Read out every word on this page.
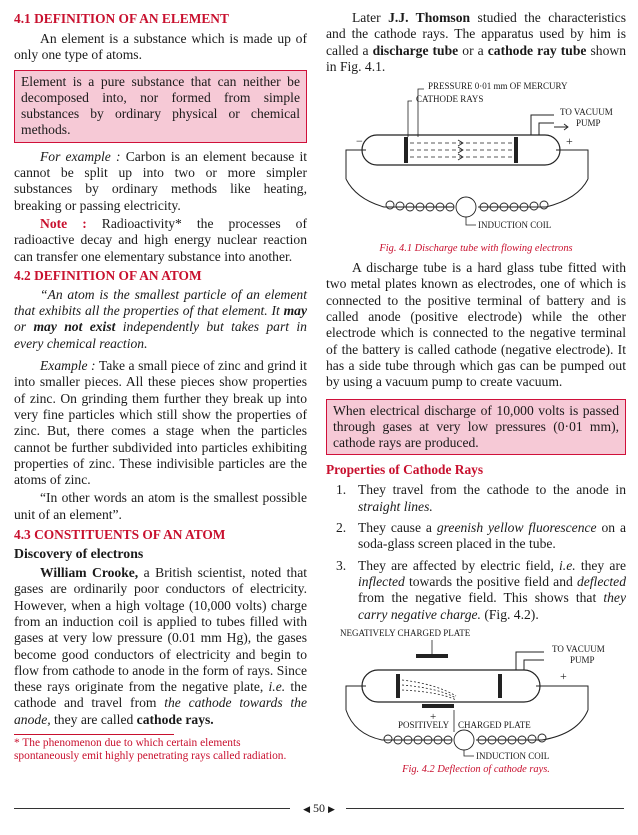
4.1 DEFINITION OF AN ELEMENT

An element is a substance which is made up of only one type of atoms.

Element is a pure substance that can neither be decomposed into, nor formed from simple substances by ordinary physical or chemical methods.

For example : Carbon is an element because it cannot be split up into two or more simpler substances by ordinary methods like heating, breaking or passing electricity.

Note : Radioactivity* the processes of radioactive decay and high energy nuclear reaction can transfer one elementary substance into another.

4.2 DEFINITION OF AN ATOM

“An atom is the smallest particle of an element that exhibits all the properties of that element. It may or may not exist independently but takes part in every chemical reaction.

Example : Take a small piece of zinc and grind it into smaller pieces. All these pieces show properties of zinc. On grinding them further they break up into very fine particles which still show the properties of zinc. But, there comes a stage when the particles cannot be further subdivided into particles exhibiting properties of zinc. These indivisible particles are the atoms of zinc.

“In other words an atom is the smallest possible unit of an element”.

4.3 CONSTITUENTS OF AN ATOM
Discovery of electrons

William Crooke, a British scientist, noted that gases are ordinarily poor conductors of electricity. However, when a high voltage (10,000 volts) charge from an induction coil is applied to tubes filled with gases at very low pressure (0.01 mm Hg), the gases become good conductors of electricity and begin to flow from cathode to anode in the form of rays. Since these rays originate from the negative plate, i.e. the cathode and travel from the cathode towards the anode, they are called cathode rays.

* The phenomenon due to which certain elements spontaneously emit highly penetrating rays called radiation.

Later J.J. Thomson studied the characteristics and the cathode rays. The apparatus used by him is called a discharge tube or a cathode ray tube shown in Fig. 4.1.

PRESSURE 0·01 mm OF MERCURY
CATHODE RAYS
TO VACUUM
PUMP
−	+
INDUCTION COIL
Fig. 4.1 Discharge tube with flowing electrons

A discharge tube is a hard glass tube fitted with two metal plates known as electrodes, one of which is connected to the positive terminal of battery and is called anode (positive electrode) while the other electrode which is connected to the negative terminal of the battery is called cathode (negative electrode). It has a side tube through which gas can be pumped out by using a vacuum pump to create vacuum.

When electrical discharge of 10,000 volts is passed through gases at very low pressures (0·01 mm), cathode rays are produced.
Properties of Cathode Rays
1. They travel from the cathode to the anode in straight lines.
2. They cause a greenish yellow fluorescence on a soda-glass screen placed in the tube.
3. They are affected by electric field, i.e. they are inflected towards the positive field and deflected from the negative field. This shows that they carry negative charge. (Fig. 4.2).
NEGATIVELY CHARGED PLATE
TO VACUUM
PUMP
+
+
POSITIVELY CHARGED PLATE
INDUCTION COIL
Fig. 4.2 Deflection of cathode rays.
◀ 50 ▶
